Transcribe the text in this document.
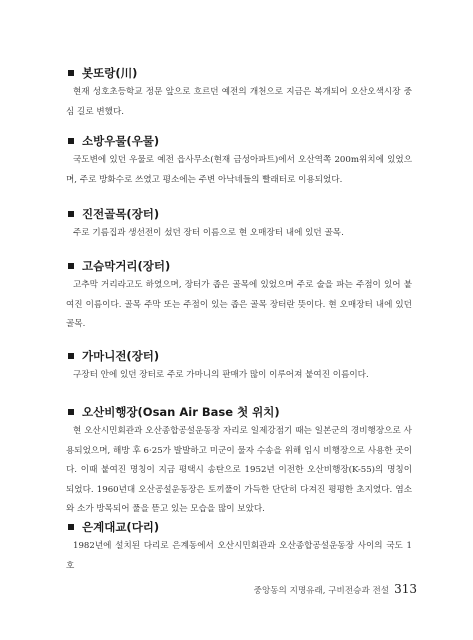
봇또랑(川)

현재 성호초등학교 정문 앞으로 흐르던 예전의 개천으로 지금은 복개되어 오산오색시장 중심 길로 변했다.

소방우물(우물)

국도변에 있던 우물로 예전 읍사무소(현재 금성아파트)에서 오산역쪽 200m위치에 있었으며, 주로 방화수로 쓰였고 평소에는 주변 아낙네들의 빨래터로 이용되었다.

진전골목(장터)

주로 기름집과 생선전이 섰던 장터 이름으로 현 오매장터 내에 있던 골목.

고슴막거리(장터)

고추막 거리라고도 하였으며, 장터가 좁은 골목에 있었으며 주로 술을 파는 주점이 있어 붙여진 이름이다. 골목 주막 또는 주점이 있는 좁은 골목 장터란 뜻이다. 현 오매장터 내에 있던 골목.

가마니전(장터)

구장터 안에 있던 장터로 주로 가마니의 판매가 많이 이루어져 붙여진 이름이다.

오산비행장(Osan Air Base 첫 위치)

현 오산시민회관과 오산종합공설운동장 자리로 일제강점기 때는 일본군의 경비행장으로 사용되었으며, 해방 후 6·25가 발발하고 미군이 물자 수송을 위해 임시 비행장으로 사용한 곳이다. 이때 붙여진 명칭이 지금 평택시 송탄으로 1952년 이전한 오산비행장(K-55)의 명칭이 되었다. 1960년대 오산공설운동장은 토끼풀이 가득한 단단히 다져진 평평한 초지였다. 염소와 소가 방목되어 풀을 뜯고 있는 모습을 많이 보았다.

은계대교(다리)

1982년에 설치된 다리로 은계동에서 오산시민회관과 오산종합공설운동장 사이의 국도 1호

중앙동의 지명유래, 구비전승과 전설 313
